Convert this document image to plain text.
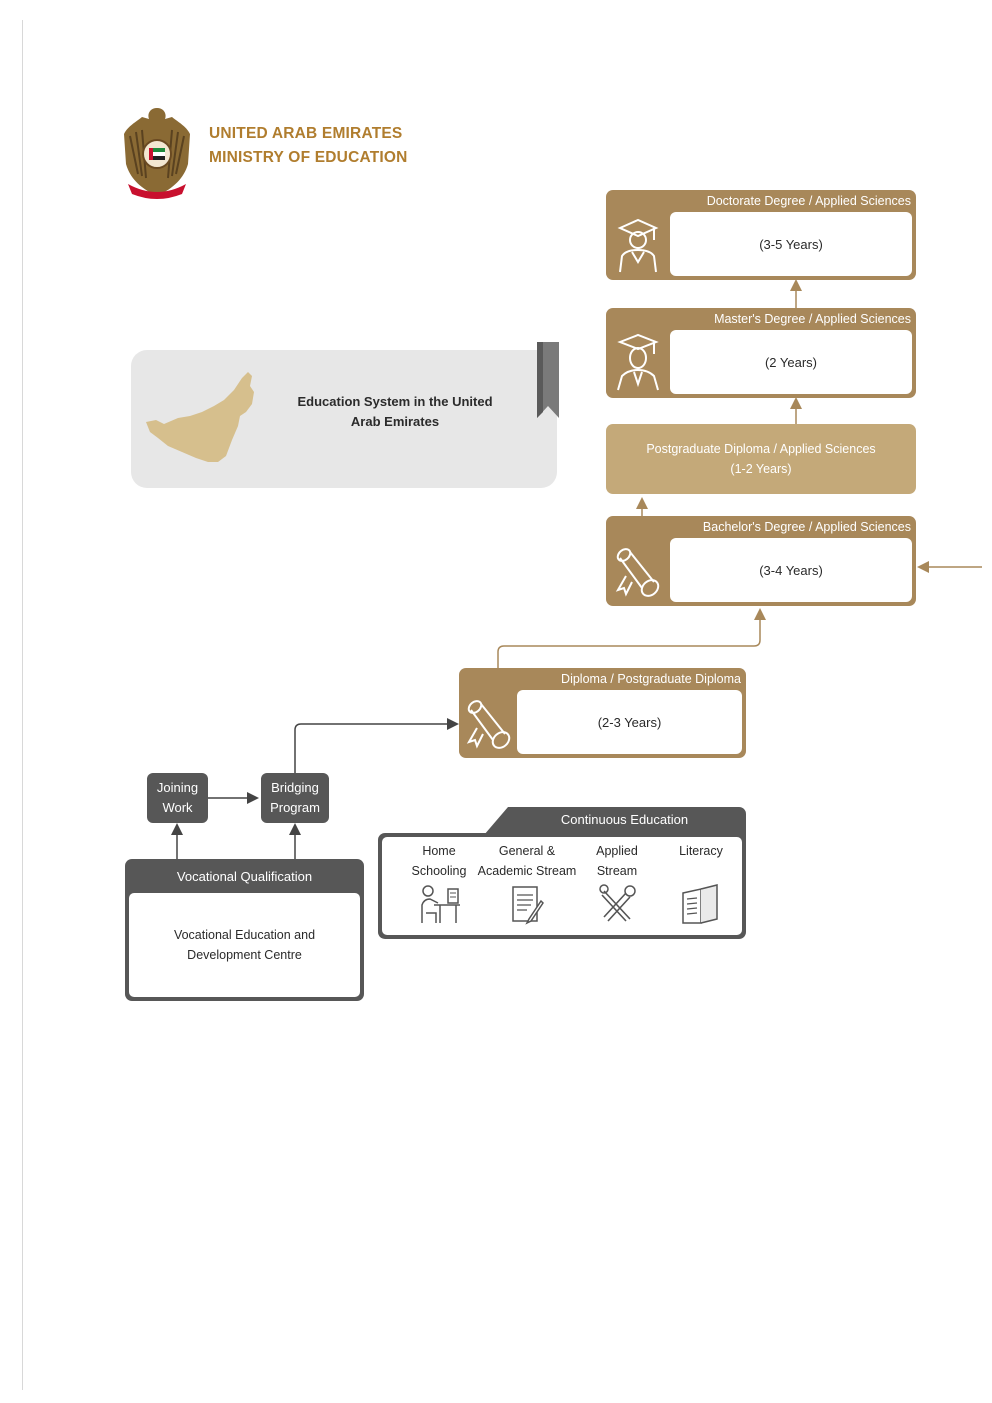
UNITED ARAB EMIRATES
MINISTRY OF EDUCATION
Education System in the United
Arab Emirates
Doctorate Degree / Applied Sciences
(3-5 Years)
Master's Degree / Applied Sciences
(2 Years)
Postgraduate Diploma / Applied Sciences
(1-2 Years)
Bachelor's Degree / Applied Sciences
(3-4 Years)
Diploma / Postgraduate Diploma
(2-3 Years)
Joining
Work
Bridging
Program
Vocational Qualification
Vocational Education and
Development Centre
Continuous Education
Home
Schooling
General &
Academic Stream
Applied
Stream
Literacy
